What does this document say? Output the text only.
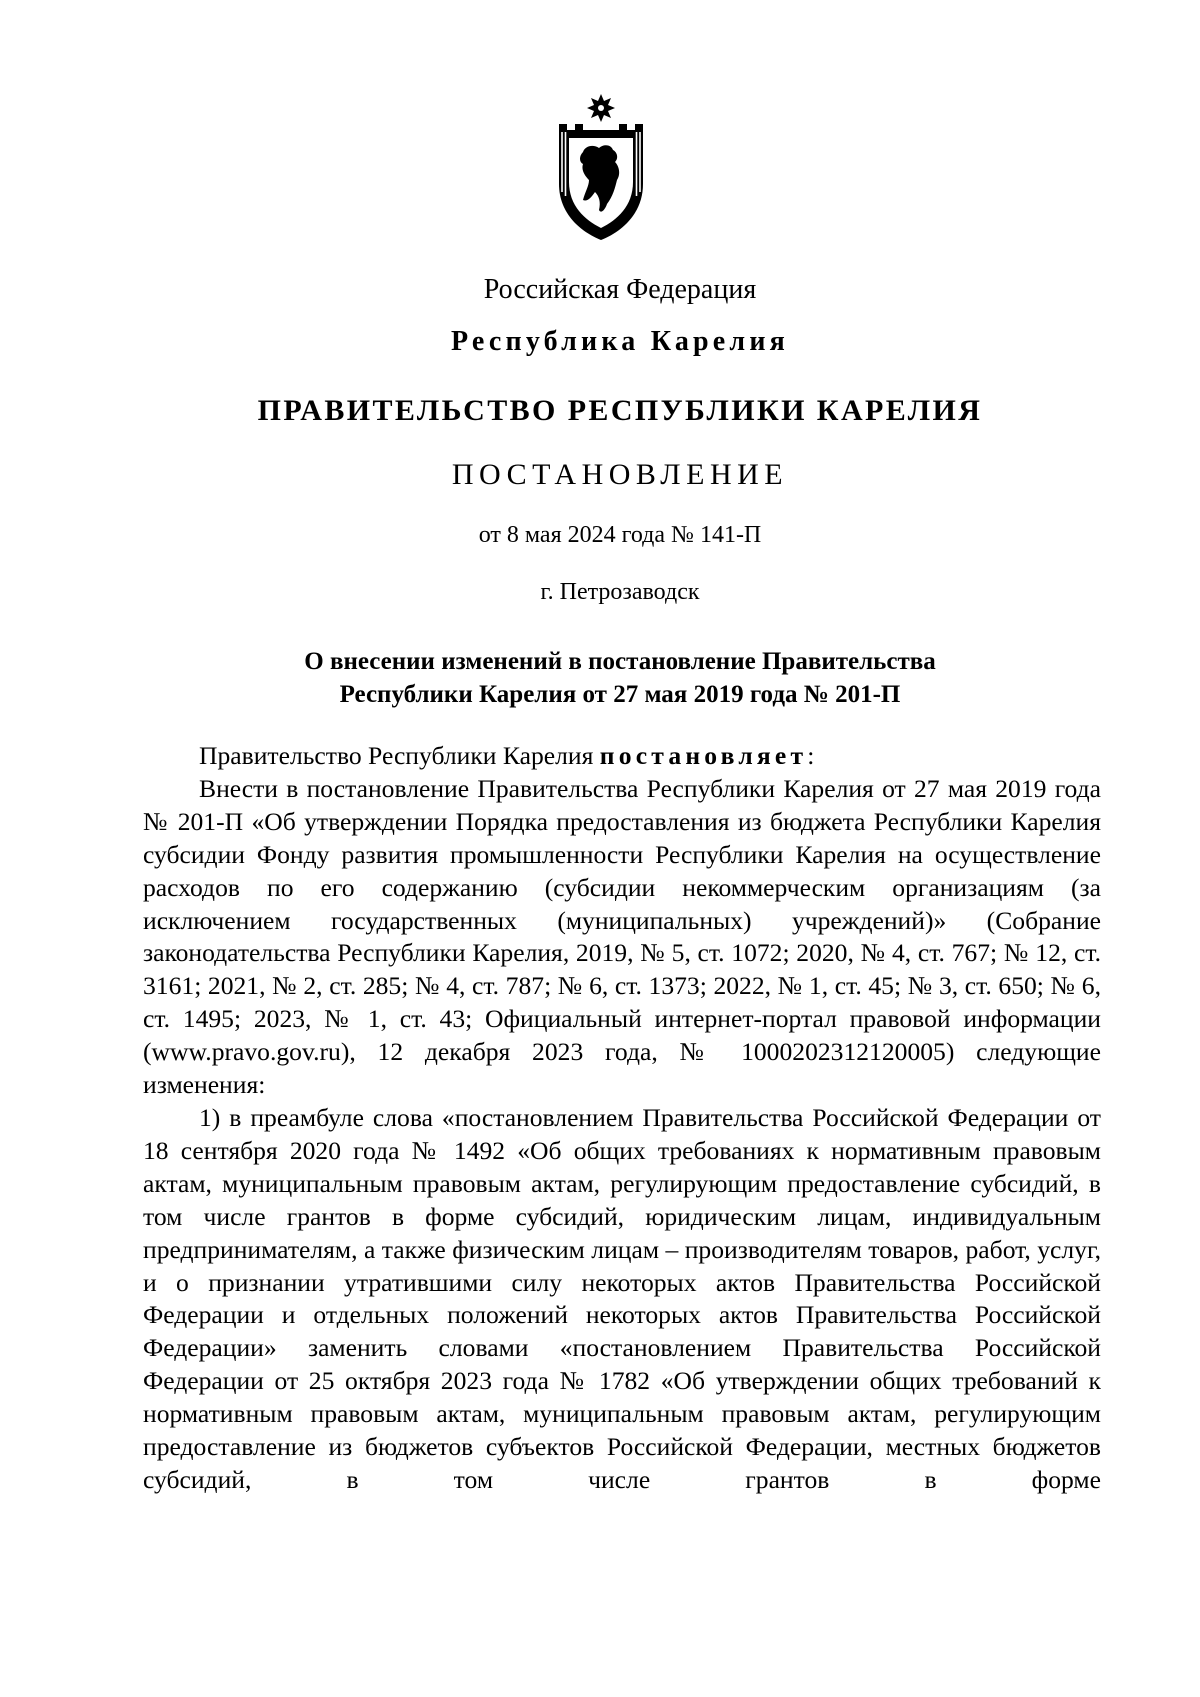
Российская Федерация
Республика Карелия
ПРАВИТЕЛЬСТВО РЕСПУБЛИКИ КАРЕЛИЯ
ПОСТАНОВЛЕНИЕ
от 8 мая 2024 года № 141-П
г. Петрозаводск
О внесении изменений в постановление Правительства
Республики Карелия от 27 мая 2019 года № 201-П

Правительство Республики Карелия постановляет:

Внести в постановление Правительства Республики Карелия от 27 мая 2019 года № 201-П «Об утверждении Порядка предоставления из бюджета Республики Карелия субсидии Фонду развития промышленности Республики Карелия на осуществление расходов по его содержанию (субсидии некоммерческим организациям (за исключением государственных (муниципальных) учреждений)» (Собрание законодательства Республики Карелия, 2019, № 5, ст. 1072; 2020, № 4, ст. 767; № 12, ст. 3161; 2021, № 2, ст. 285; № 4, ст. 787; № 6, ст. 1373; 2022, № 1, ст. 45; № 3, ст. 650; № 6, ст. 1495; 2023, № 1, ст. 43; Официальный интернет-портал правовой информации (www.pravo.gov.ru), 12 декабря 2023 года, № 1000202312120005) следующие изменения:

1) в преамбуле слова «постановлением Правительства Российской Федерации от 18 сентября 2020 года № 1492 «Об общих требованиях к нормативным правовым актам, муниципальным правовым актам, регулирующим предоставление субсидий, в том числе грантов в форме субсидий, юридическим лицам, индивидуальным предпринимателям, а также физическим лицам – производителям товаров, работ, услуг, и о признании утратившими силу некоторых актов Правительства Российской Федерации и отдельных положений некоторых актов Правительства Российской Федерации» заменить словами «постановлением Правительства Российской Федерации от 25 октября 2023 года № 1782 «Об утверждении общих требований к нормативным правовым актам, муниципальным правовым актам, регулирующим предоставление из бюджетов субъектов Российской Федерации, местных бюджетов субсидий, в том числе грантов в форме
